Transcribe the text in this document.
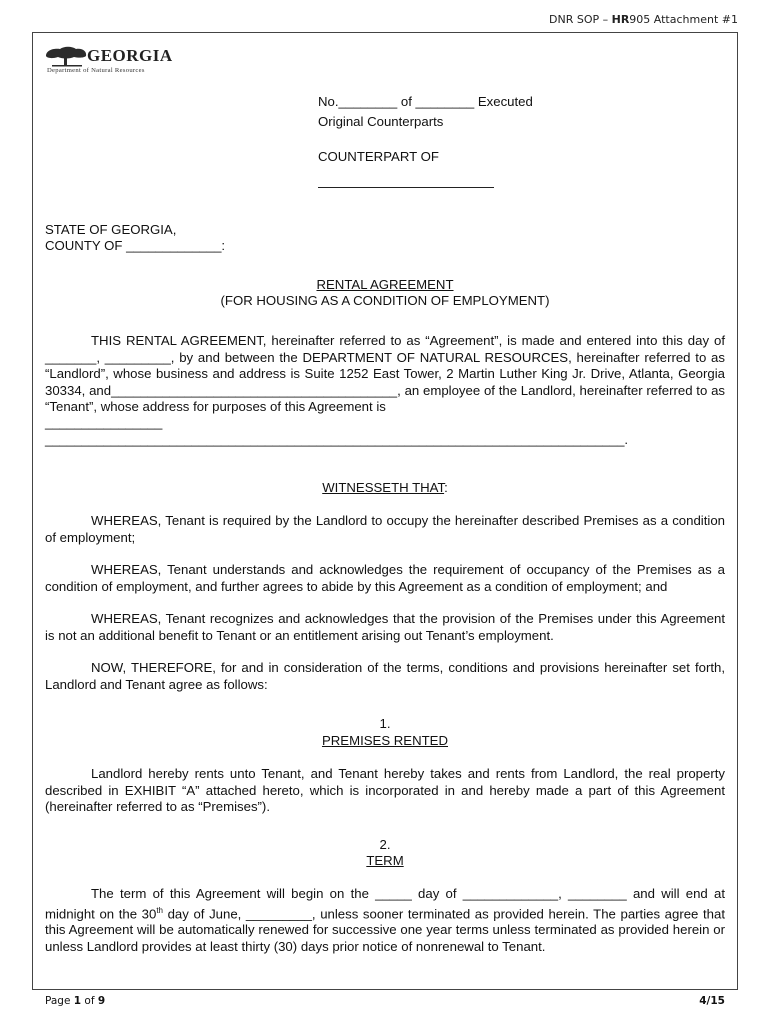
DNR SOP – HR905 Attachment #1
GEORGIA
Department of Natural Resources
No.________ of ________ Executed
Original Counterparts
COUNTERPART OF
STATE OF GEORGIA,
COUNTY OF _____________:
RENTAL AGREEMENT
(FOR HOUSING AS A CONDITION OF EMPLOYMENT)
THIS RENTAL AGREEMENT, hereinafter referred to as “Agreement”, is made and entered into this day of _______, _________, by and between the DEPARTMENT OF NATURAL RESOURCES, hereinafter referred to as “Landlord”, whose business and address is Suite 1252 East Tower, 2 Martin Luther King Jr. Drive, Atlanta, Georgia 30334, and_______________________________________, an employee of the Landlord, hereinafter referred to as “Tenant”, whose address for purposes of this Agreement is
________________
_______________________________________________________________________________.
WITNESSETH THAT:
WHEREAS, Tenant is required by the Landlord to occupy the hereinafter described Premises as a condition of employment;
WHEREAS, Tenant understands and acknowledges the requirement of occupancy of the Premises as a condition of employment, and further agrees to abide by this Agreement as a condition of employment; and
WHEREAS, Tenant recognizes and acknowledges that the provision of the Premises under this Agreement is not an additional benefit to Tenant or an entitlement arising out Tenant’s employment.
NOW, THEREFORE, for and in consideration of the terms, conditions and provisions hereinafter set forth, Landlord and Tenant agree as follows:
1.
PREMISES RENTED
Landlord hereby rents unto Tenant, and Tenant hereby takes and rents from Landlord, the real property described in EXHIBIT “A” attached hereto, which is incorporated in and hereby made a part of this Agreement (hereinafter referred to as “Premises”).
2.
TERM
The term of this Agreement will begin on the _____ day of _____________, ________ and will end at midnight on the 30th day of June, _________, unless sooner terminated as provided herein. The parties agree that this Agreement will be automatically renewed for successive one year terms unless terminated as provided herein or unless Landlord provides at least thirty (30) days prior notice of nonrenewal to Tenant.
Page 1 of 9	4/15
